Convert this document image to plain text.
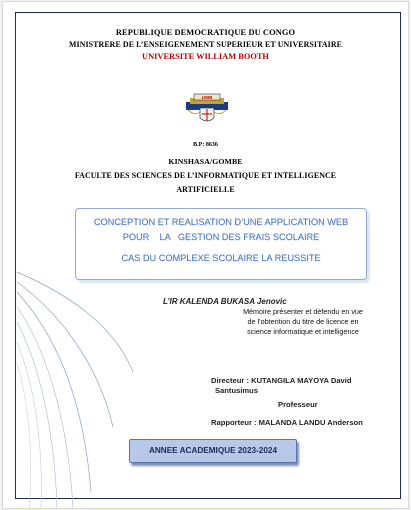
REPUBLIQUE DEMOCRATIQUE DU CONGO

MINISTRERE DE L’ENSEIGENEMENT SUPERIEUR ET UNIVERSITAIRE

UNIVERSITE WILLIAM BOOTH

UWB

B.P: 8636

KINSHASA/GOMBE

FACULTE DES SCIENCES DE L’INFORMATIQUE ET INTELLIGENCE

ARTIFICIELLE

CONCEPTION ET REALISATION D’UNE APPLICATION WEB

POUR    LA   GESTION DES FRAIS SCOLAIRE

CAS DU COMPLEXE SCOLAIRE LA REUSSITE

L’IR KALENDA BUKASA Jenovic

Mémoire présenter et défendu en vue

de l’obtention du titre de licence en

science informatique et intelligence

Directeur : KUTANGILA MAYOYA David

Santusimus

Professeur

Rapporteur : MALANDA LANDU Anderson

ANNEE ACADEMIQUE 2023-2024
